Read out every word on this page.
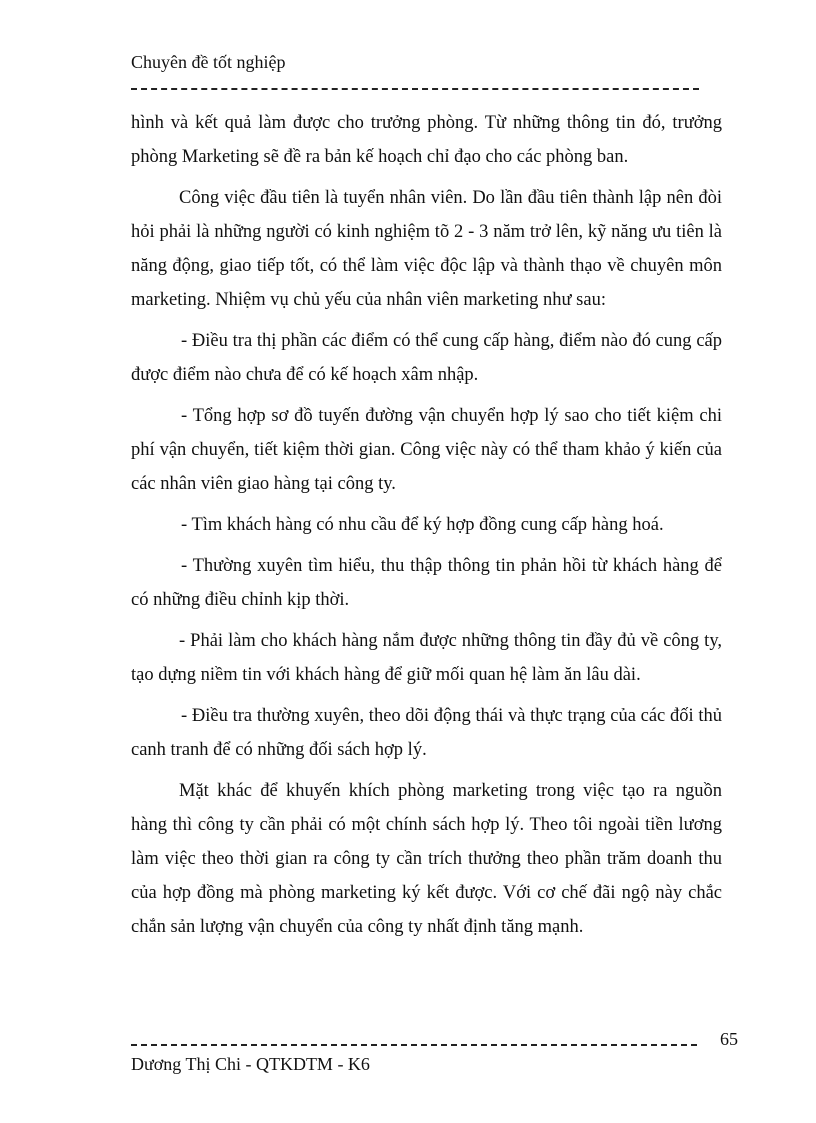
Chuyên đề tốt nghiệp

hình và kết quả làm được cho trưởng phòng. Từ những thông tin đó, trưởng phòng Marketing sẽ đề ra bản kế hoạch chỉ đạo cho các phòng ban.

Công việc đầu tiên là tuyển nhân viên. Do lần đầu tiên thành lập nên đòi hỏi phải là những người có kinh nghiệm tõ 2 - 3 năm trở lên, kỹ năng ưu tiên là năng động, giao tiếp tốt, có thể làm việc độc lập và thành thạo về chuyên môn marketing. Nhiệm vụ chủ yếu của nhân viên marketing như sau:

- Điều tra thị phần các điểm có thể cung cấp hàng, điểm nào đó cung cấp được điểm nào chưa để có kế hoạch xâm nhập.

- Tổng hợp sơ đồ tuyến đường vận chuyển hợp lý sao cho tiết kiệm chi phí vận chuyển, tiết kiệm thời gian. Công việc này có thể tham khảo ý kiến của các nhân viên giao hàng tại công ty.

- Tìm khách hàng có nhu cầu để ký hợp đồng cung cấp hàng hoá.

- Thường xuyên tìm hiểu, thu thập thông tin phản hồi từ khách hàng để có những điều chỉnh kịp thời.

- Phải làm cho khách hàng nắm được những thông tin đầy đủ về công ty, tạo dựng niềm tin với khách hàng để giữ mối quan hệ làm ăn lâu dài.

- Điều tra thường xuyên, theo dõi động thái và thực trạng của các đối thủ canh tranh để có những đối sách hợp lý.

Mặt khác để khuyến khích phòng marketing trong việc tạo ra nguồn hàng thì công ty cần phải có một chính sách hợp lý. Theo tôi ngoài tiền lương làm việc theo thời gian ra công ty cần trích thưởng theo phần trăm doanh thu của hợp đồng mà phòng marketing ký kết được. Với cơ chế đãi ngộ này chắc chắn sản lượng vận chuyển của công ty nhất định tăng mạnh.

65
Dương Thị Chi - QTKDTM - K6
